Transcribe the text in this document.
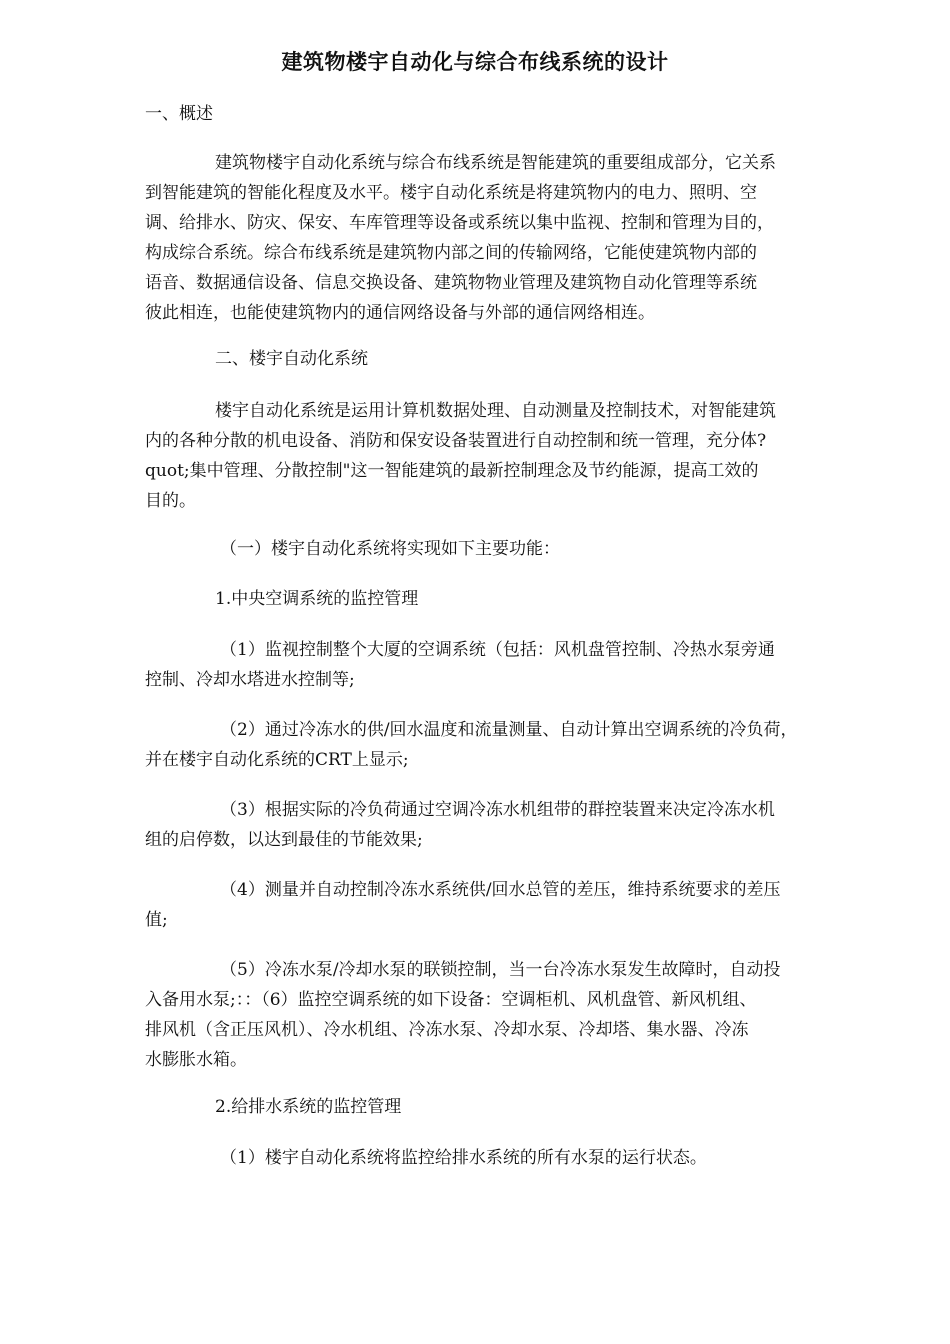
建筑物楼宇自动化与综合布线系统的设计
一、概述
建筑物楼宇自动化系统与综合布线系统是智能建筑的重要组成部分，它关系
到智能建筑的智能化程度及水平。楼宇自动化系统是将建筑物内的电力、照明、空
调、给排水、防灾、保安、车库管理等设备或系统以集中监视、控制和管理为目的，
构成综合系统。综合布线系统是建筑物内部之间的传输网络，它能使建筑物内部的
语音、数据通信设备、信息交换设备、建筑物物业管理及建筑物自动化管理等系统
彼此相连，也能使建筑物内的通信网络设备与外部的通信网络相连。
二、楼宇自动化系统
楼宇自动化系统是运用计算机数据处理、自动测量及控制技术，对智能建筑
内的各种分散的机电设备、消防和保安设备装置进行自动控制和统一管理，充分体?
quot;集中管理、分散控制"这一智能建筑的最新控制理念及节约能源，提高工效的
目的。
（一）楼宇自动化系统将实现如下主要功能：
1.中央空调系统的监控管理
（1）监视控制整个大厦的空调系统（包括：风机盘管控制、冷热水泵旁通
控制、冷却水塔进水控制等;
（2）通过冷冻水的供/回水温度和流量测量、自动计算出空调系统的冷负荷，
并在楼宇自动化系统的CRT上显示;
（3）根据实际的冷负荷通过空调冷冻水机组带的群控装置来决定冷冻水机
组的启停数，以达到最佳的节能效果;
（4）测量并自动控制冷冻水系统供/回水总管的差压，维持系统要求的差压
值;
（5）冷冻水泵/冷却水泵的联锁控制，当一台冷冻水泵发生故障时，自动投
入备用水泵;：：（6）监控空调系统的如下设备：空调柜机、风机盘管、新风机组、
排风机（含正压风机）、冷水机组、冷冻水泵、冷却水泵、冷却塔、集水器、冷冻
水膨胀水箱。
2.给排水系统的监控管理
（1）楼宇自动化系统将监控给排水系统的所有水泵的运行状态。
